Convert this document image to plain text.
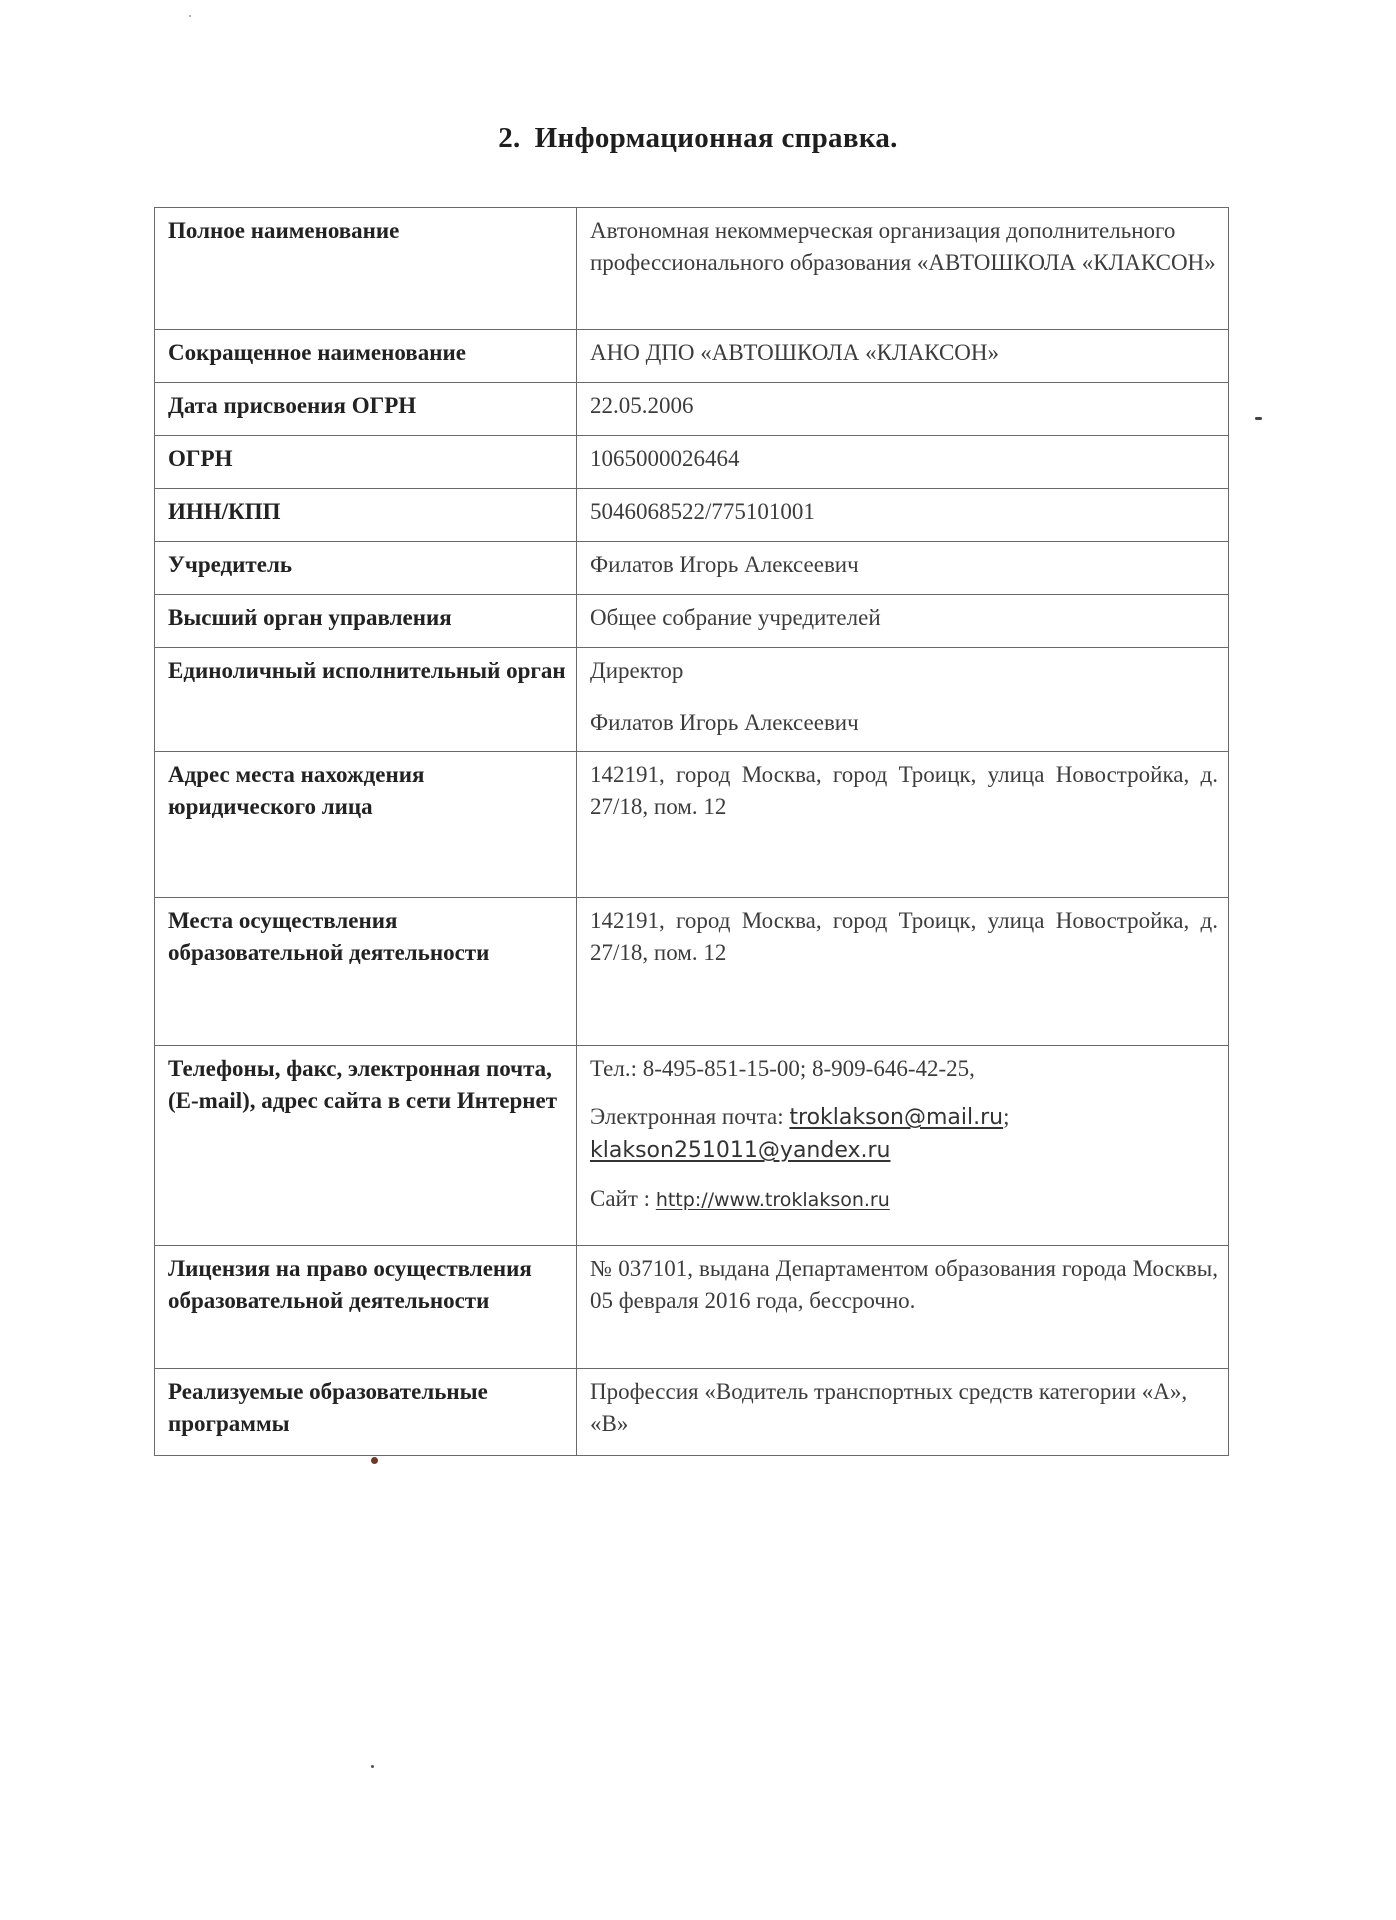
2. Информационная справка.
Полное наименование	Автономная некоммерческая организация дополнительного профессионального образования «АВТОШКОЛА «КЛАКСОН»
Сокращенное наименование	АНО ДПО «АВТОШКОЛА «КЛАКСОН»
Дата присвоения ОГРН	22.05.2006
ОГРН	1065000026464
ИНН/КПП	5046068522/775101001
Учредитель	Филатов Игорь Алексеевич
Высший орган управления	Общее собрание учредителей
Единоличный исполнительный орган	Директор
Филатов Игорь Алексеевич

Адрес места нахождения юридического лица	142191, город Москва, город Троицк, улица Новостройка, д. 27/18, пом. 12
Места осуществления образовательной деятельности	142191, город Москва, город Троицк, улица Новостройка, д. 27/18, пом. 12
Телефоны, факс, электронная почта, (E-mail), адрес сайта в сети Интернет	Тел.: 8-495-851-15-00; 8-909-646-42-25,
Электронная почта: troklakson@mail.ru;
klakson251011@yandex.ru
Сайт : http://www.troklakson.ru

Лицензия на право осуществления образовательной деятельности	№ 037101, выдана Департаментом образования города Москвы, 05 февраля 2016 года, бессрочно.
Реализуемые образовательные программы	Профессия «Водитель транспортных средств категории «А», «В»
